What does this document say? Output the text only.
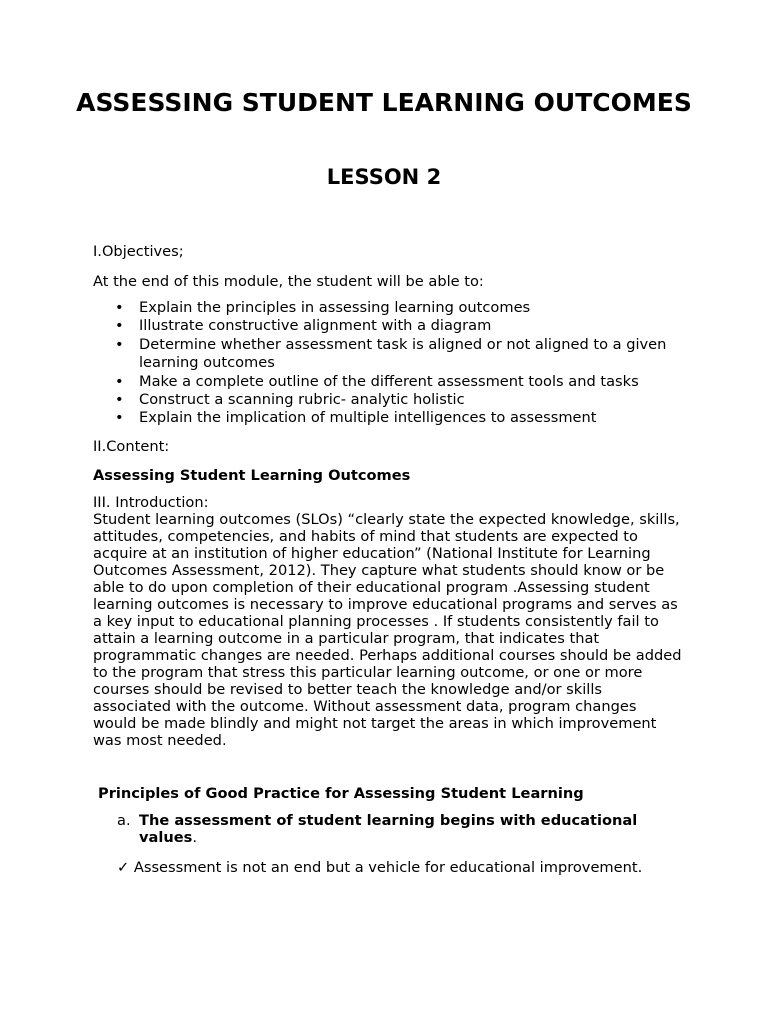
ASSESSING STUDENT LEARNING OUTCOMES
LESSON 2

I.Objectives;

At the end of this module, the student will be able to:

• Explain the principles in assessing learning outcomes
• Illustrate constructive alignment with a diagram
• Determine whether assessment task is aligned or not aligned to a given learning outcomes
• Make a complete outline of the different assessment tools and tasks
• Construct a scanning rubric- analytic holistic
• Explain the implication of multiple intelligences to assessment

II.Content:

Assessing Student Learning Outcomes

III. Introduction:
Student learning outcomes (SLOs) “clearly state the expected knowledge, skills, attitudes, competencies, and habits of mind that students are expected to acquire at an institution of higher education” (National Institute for Learning Outcomes Assessment, 2012). They capture what students should know or be able to do upon completion of their educational program .Assessing student learning outcomes is necessary to improve educational programs and serves as a key input to educational planning processes . If students consistently fail to attain a learning outcome in a particular program, that indicates that programmatic changes are needed. Perhaps additional courses should be added to the program that stress this particular learning outcome, or one or more courses should be revised to better teach the knowledge and/or skills associated with the outcome. Without assessment data, program changes would be made blindly and might not target the areas in which improvement was most needed.

Principles of Good Practice for Assessing Student Learning

a. The assessment of student learning begins with educational values.

✓ Assessment is not an end but a vehicle for educational improvement.
